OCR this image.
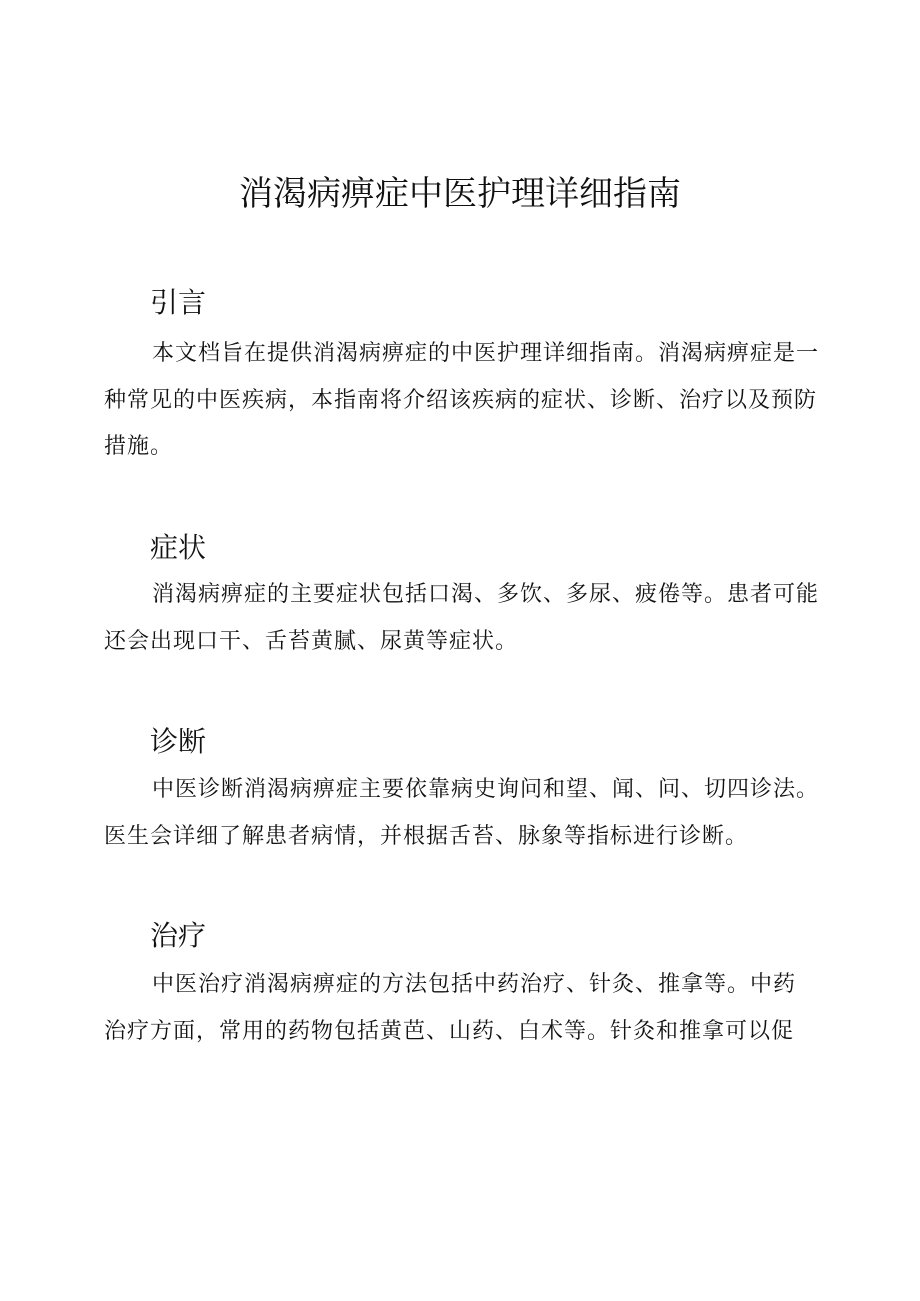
消渴病痹症中医护理详细指南
引言

本文档旨在提供消渴病痹症的中医护理详细指南。消渴病痹症是一

种常见的中医疾病，本指南将介绍该疾病的症状、诊断、治疗以及预防

措施。

症状

消渴病痹症的主要症状包括口渴、多饮、多尿、疲倦等。患者可能

还会出现口干、舌苔黄腻、尿黄等症状。

诊断

中医诊断消渴病痹症主要依靠病史询问和望、闻、问、切四诊法。

医生会详细了解患者病情，并根据舌苔、脉象等指标进行诊断。

治疗

中医治疗消渴病痹症的方法包括中药治疗、针灸、推拿等。中药

治疗方面，常用的药物包括黄芭、山药、白术等。针灸和推拿可以促
